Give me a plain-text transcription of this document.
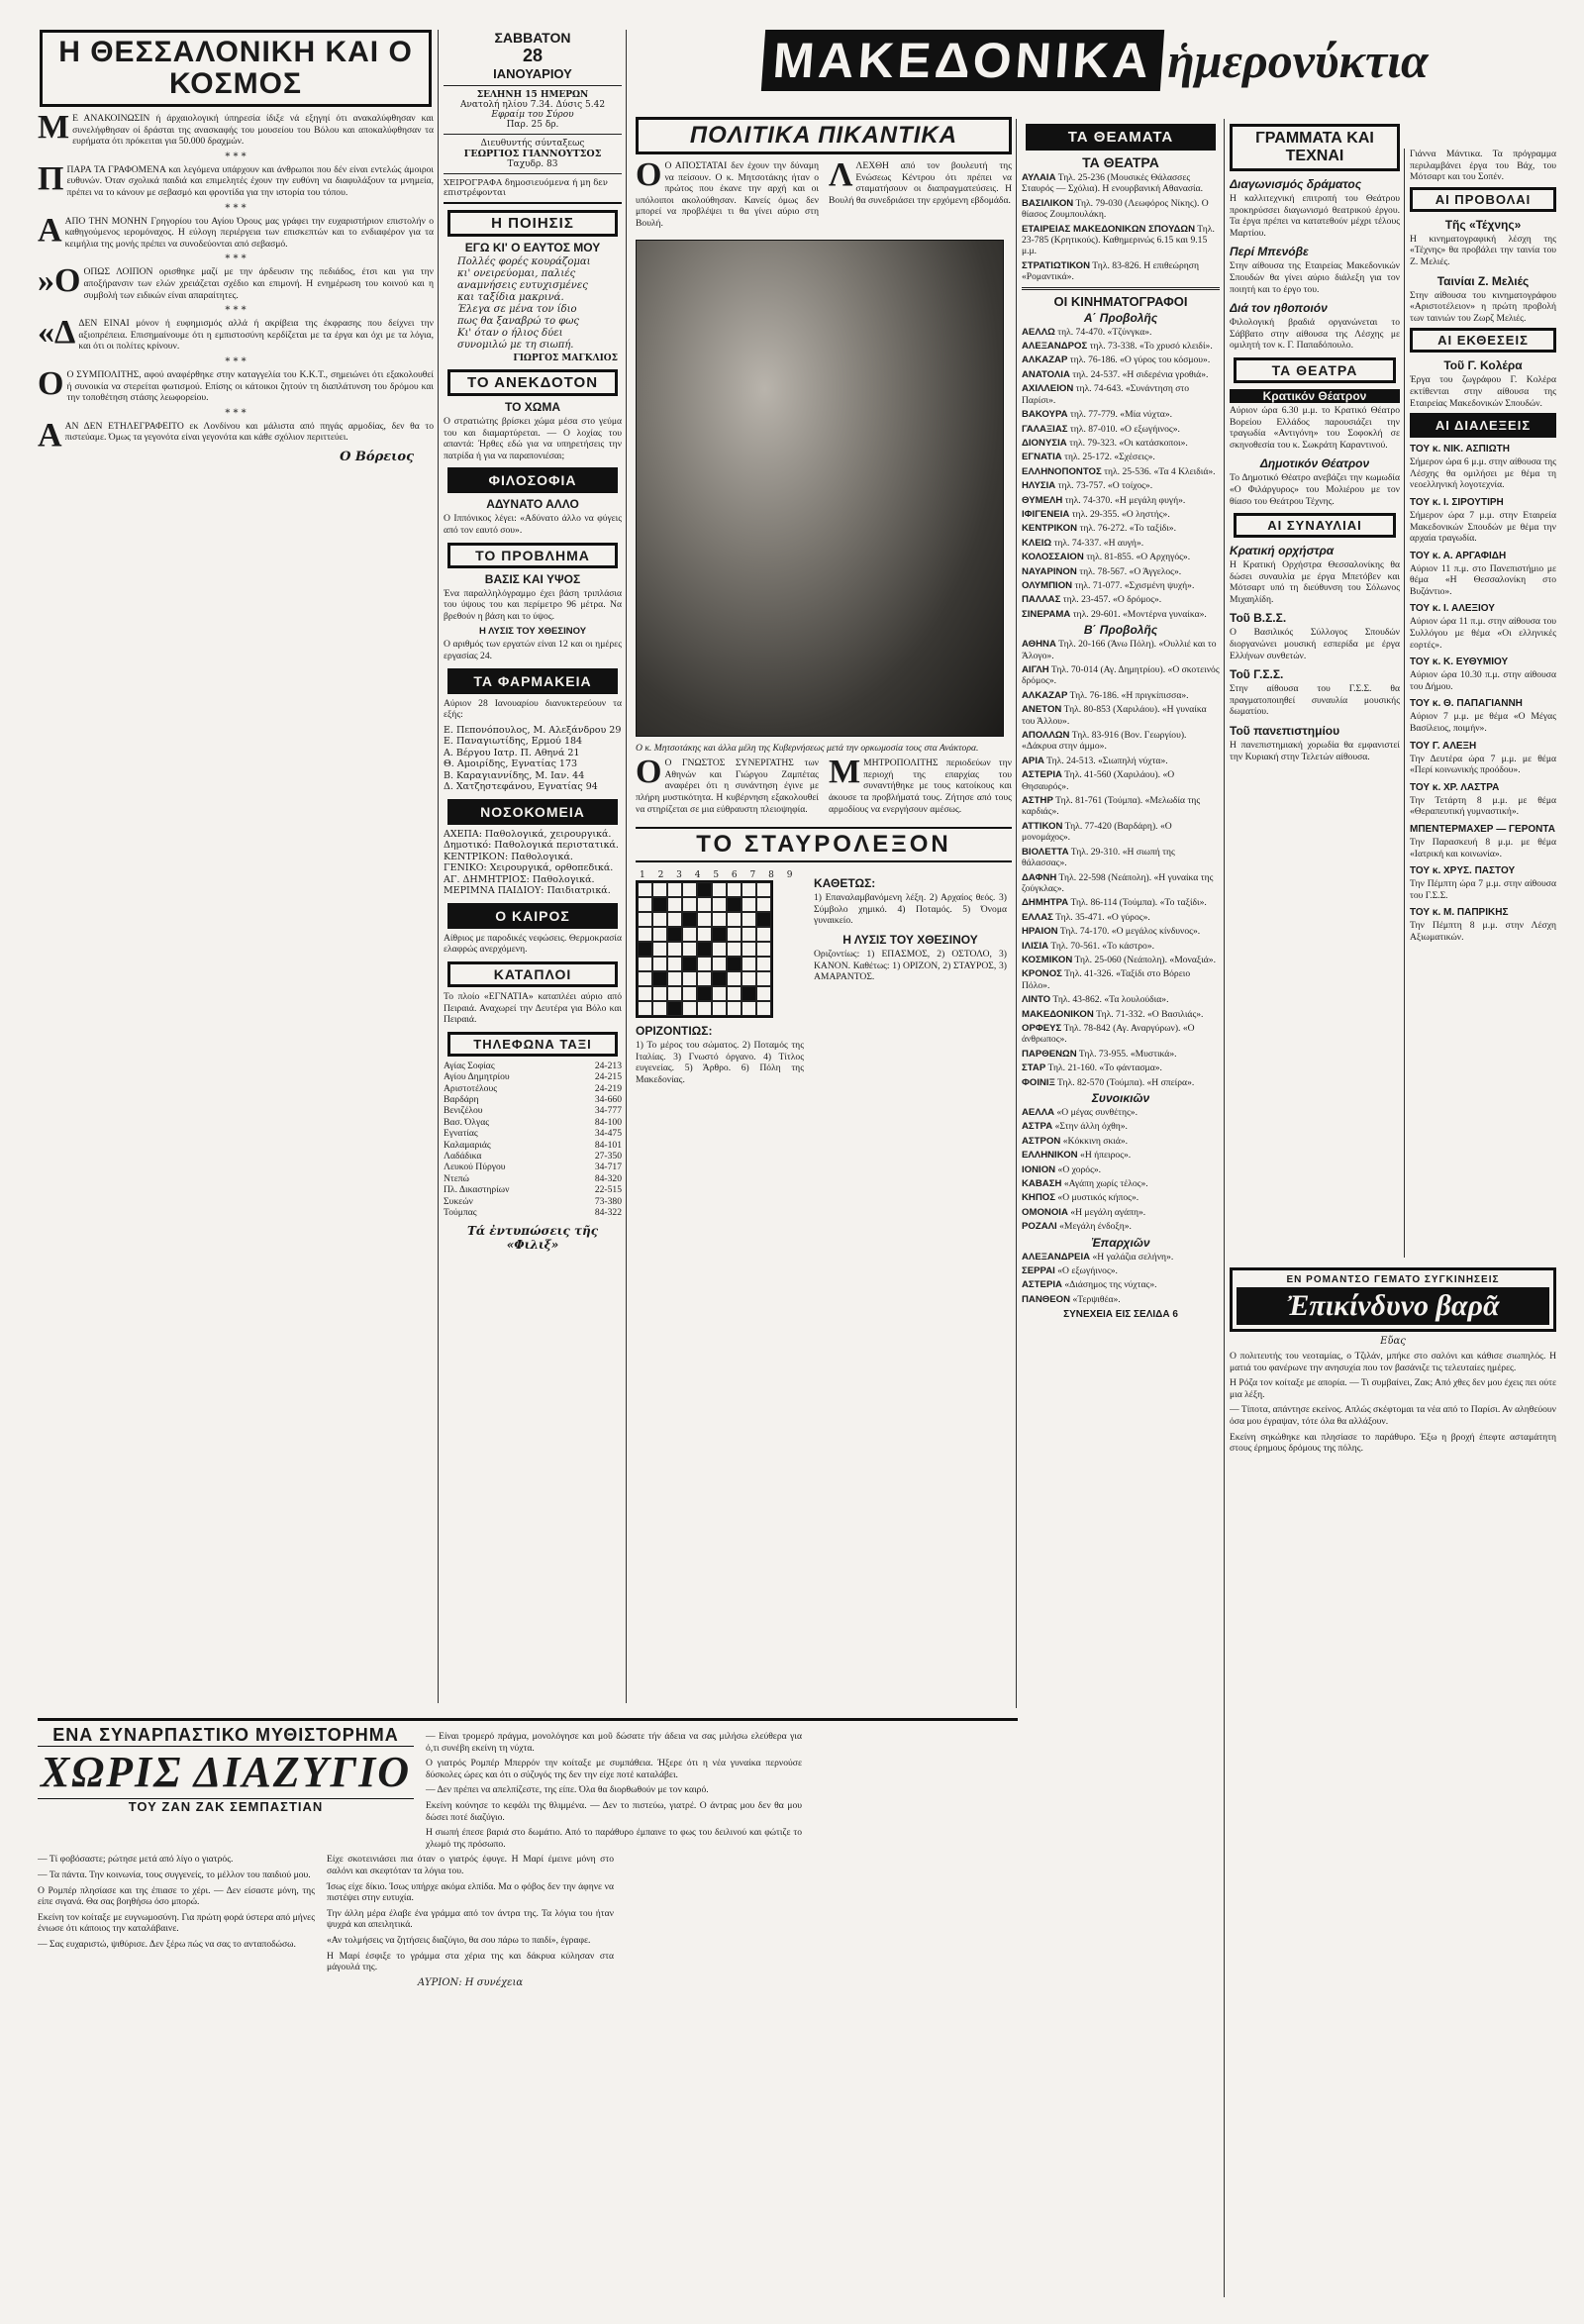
Η ΘΕΣΣΑΛΟΝΙΚΗ ΚΑΙ Ο ΚΟΣΜΟΣ

Μ Ε ΑΝΑΚΟΙΝΩΣΙΝ ή άρχαιολογική ύπηρεσία ίδιξε νά εξηγηί ότι ανακαλύφθησαν και συνελήφθησαν οί δράσται της ανασκαφής του μουσείου του Βόλου και αποκαλύφθησαν τα ευρήματα ότι πρόκειται για 50.000 δραχμών.

* * *

ΠΠΑΡΑ ΤΑ ΓΡΑΦΟΜΕΝΑ και λεγόμενα υπάρχουν και άνθρωποι που δέν είναι εντελώς άμοιροι ευθυνών. Όταν σχολικά παιδιά και επιμελητές έχουν την ευθύνη να διαφυλάξουν τα μνημεία, πρέπει να το κάνουν με σεβασμό και φροντίδα για την ιστορία του τόπου.

* * *

ΑΑΠΟ ΤΗΝ ΜΟΝΗΝ Γρηγορίου του Αγίου Όρους μας γράφει την ευχαριστήριον επιστολήν ο καθηγούμενος ιερομόναχος. Η εύλογη περιέργεια των επισκεπτών και το ενδιαφέρον για τα κειμήλια της μονής πρέπει να συνοδεύονται από σεβασμό.

* * *

»Ο ΟΠΩΣ ΛΟΙΠΟΝ ορισθηκε μαζί με την άρδευσιν της πεδιάδος, έτσι και για την αποξήρανσιν των ελών χρειάζεται σχέδιο και επιμονή. Η ενημέρωση του κοινού και η συμβολή των ειδικών είναι απαραίτητες.

* * *

«ΔΔΕΝ ΕΙΝΑΙ μόνον ή ευφημισμός αλλά ή ακρίβεια της έκφρασης που δείχνει την αξιοπρέπεια. Επισημαίνουμε ότι η εμπιστοσύνη κερδίζεται με τα έργα και όχι με τα λόγια, και ότι οι πολίτες κρίνουν.

* * *

Ο Ο ΣΥΜΠΟΛΙΤΗΣ, αφού αναφέρθηκε στην καταγγελία του Κ.Κ.Τ., σημειώνει ότι εξακολουθεί ή συνοικία να στερείται φωτισμού. Επίσης οι κάτοικοι ζητούν τη διαπλάτυνση του δρόμου και την τοποθέτηση στάσης λεωφορείου.

* * *

ΑΑΝ ΔΕΝ ΕΤΗΛΕΓΡΑΦΕΙΤΟ εκ Λονδίνου και μάλιστα από πηγάς αρμοδίας, δεν θα το πιστεύαμε. Όμως τα γεγονότα είναι γεγονότα και κάθε σχόλιον περιττεύει.

Ο Βόρειος
ΣΑΒΒΑΤΟΝ
28
ΙΑΝΟΥΑΡΙΟΥ
ΣΕΛΗΝΗ 15 ΗΜΕΡΩΝ
Ανατολή ηλίου 7.34. Δύσις 5.42
Εφραίμ του Σύρου
Παρ. 25 δρ.
Διευθυντής σύνταξεως
ΓΕΩΡΓΙΟΣ ΓΙΑΝΝΟΥΤΣΟΣ
Ταχυδρ. 83
ΧΕΙΡΟΓΡΑΦΑ δημοσιευόμενα ή μη δεν επιστρέφονται
Η ΠΟΙΗΣΙΣ
ΕΓΩ ΚΙ' Ο ΕΑΥΤΟΣ ΜΟΥ
Πολλές φορές κουράζομαι
κι' ονειρεύομαι, παλιές
αναμνήσεις ευτυχισμένες
και ταξίδια μακρινά.
Έλεγα σε μένα τον ίδιο
πως θα ξαναβρώ το φως
Κι' όταν ο ήλιος δύει
συνομιλώ με τη σιωπή.
ΓΙΩΡΓΟΣ ΜΑΓΚΛΙΟΣ
ΤΟ ΑΝΕΚΔΟΤΟΝ
ΤΟ ΧΩΜΑ

Ο στρατιώτης βρίσκει χώμα μέσα στο γεύμα του και διαμαρτύρεται. — Ο λοχίας του απαντά: Ήρθες εδώ για να υπηρετήσεις την πατρίδα ή για να παραπονιέσαι;

ΦΙΛΟΣΟΦΙΑ
ΑΔΥΝΑΤΟ ΑΛΛΟ

Ο Ιππόνικος λέγει: «Αδύνατο άλλο να φύγεις από τον εαυτό σου».

ΤΟ ΠΡΟΒΛΗΜΑ
ΒΑΣΙΣ ΚΑΙ ΥΨΟΣ

Ένα παραλληλόγραμμο έχει βάση τριπλάσια του ύψους του και περίμετρο 96 μέτρα. Να βρεθούν η βάση και το ύψος.

Η ΛΥΣΙΣ ΤΟΥ ΧΘΕΣΙΝΟΥ

Ο αριθμός των εργατών είναι 12 και οι ημέρες εργασίας 24.

ΤΑ ΦΑΡΜΑΚΕΙΑ

Αύριον 28 Ιανουαρίου διανυκτερεύουν τα εξής:

Ε. Πεπονόπουλος, Μ. Αλεξάνδρου 29
Ε. Παναγιωτίδης, Ερμού 184
Α. Βέργου Ιατρ. Π. Αθηνά 21
Θ. Αμοιρίδης, Εγνατίας 173
Β. Καραγιαννίδης, Μ. Ιαν. 44
Δ. Χατζηστεφάνου, Εγνατίας 94
ΝΟΣΟΚΟΜΕΙΑ
ΑΧΕΠΑ: Παθολογικά, χειρουργικά.
Δημοτικό: Παθολογικά περιστατικά.
ΚΕΝΤΡΙΚΟΝ: Παθολογικά.
ΓΕΝΙΚΟ: Χειρουργικά, ορθοπεδικά.
ΑΓ. ΔΗΜΗΤΡΙΟΣ: Παθολογικά.
ΜΕΡΙΜΝΑ ΠΑΙΔΙΟΥ: Παιδιατρικά.
Ο ΚΑΙΡΟΣ

Αίθριος με παροδικές νεφώσεις. Θερμοκρασία ελαφρώς ανερχόμενη.

ΚΑΤΑΠΛΟΙ

Το πλοίο «ΕΓΝΑΤΙΑ» καταπλέει αύριο από Πειραιά. Αναχωρεί την Δευτέρα για Βόλο και Πειραιά.

ΤΗΛΕΦΩΝΑ ΤΑΞΙ
Αγίας Σοφίας	24-213
Αγίου Δημητρίου	24-215
Αριστοτέλους	24-219
Βαρδάρη	34-660
Βενιζέλου	34-777
Βασ. Όλγας	84-100
Εγνατίας	34-475
Καλαμαριάς	84-101
Λαδάδικα	27-350
Λευκού Πύργου	34-717
Ντεπώ	84-320
Πλ. Δικαστηρίων	22-515
Συκεών	73-380
Τούμπας	84-322
Τά ἐντυπώσεις τῆς «Φιλιξ»
ΜΑΚΕΔΟΝΙΚΑ ἡμερονύκτια
ΠΟΛΙΤΙΚΑ ΠΙΚΑΝΤΙΚΑ

Ο Ο ΑΠΟΣΤΑΤΑΙ δεν έχουν την δύναμη να πείσουν. Ο κ. Μητσοτάκης ήταν ο πρώτος που έκανε την αρχή και οι υπόλοιποι ακολούθησαν. Κανείς όμως δεν μπορεί να προβλέψει τι θα γίνει αύριο στη Βουλή.

ΛΛΕΧΘΗ από τον βουλευτή της Ενώσεως Κέντρου ότι πρέπει να σταματήσουν οι διαπραγματεύσεις. Η Βουλή θα συνεδριάσει την ερχόμενη εβδομάδα.

Ο κ. Μητσοτάκης και άλλα μέλη της Κυβερνήσεως μετά την ορκωμοσία τους στα Ανάκτορα.

Ο Ο ΓΝΩΣΤΟΣ ΣΥΝΕΡΓΑΤΗΣ των Αθηνών και Γιώργου Ζαμπέτας αναφέρει ότι η συνάντηση έγινε με πλήρη μυστικότητα. Η κυβέρνηση εξακολουθεί να στηρίζεται σε μια εύθραυστη πλειοψηφία.

ΜΜΗΤΡΟΠΟΛΙΤΗΣ περιοδεύων την περιοχή της επαρχίας του συναντήθηκε με τους κατοίκους και άκουσε τα προβλήματά τους. Ζήτησε από τους αρμοδίους να ενεργήσουν αμέσως.

ΤΟ ΣΤΑΥΡΟΛΕΞΟΝ
1 2 3 4 5 6 7 8 9
ΟΡΙΖΟΝΤΙΩΣ:

1) Το μέρος του σώματος. 2) Ποταμός της Ιταλίας. 3) Γνωστό όργανο. 4) Τίτλος ευγενείας. 5) Άρθρο. 6) Πόλη της Μακεδονίας.

ΚΑΘΕΤΩΣ:

1) Επαναλαμβανόμενη λέξη. 2) Αρχαίος θεός. 3) Σύμβολο χημικό. 4) Ποταμός. 5) Όνομα γυναικείο.

Η ΛΥΣΙΣ ΤΟΥ ΧΘΕΣΙΝΟΥ

Οριζοντίως: 1) ΕΠΑΣΜΟΣ, 2) ΟΣΤΟΛΟ, 3) ΚΑΝΟΝ. Καθέτως: 1) ΟΡΙΖΟΝ, 2) ΣΤΑΥΡΟΣ, 3) ΑΜΑΡΑΝΤΟΣ.

ΤΑ ΘΕΑΜΑΤΑ
ΤΑ ΘΕΑΤΡΑ
ΑΥΛΑΙΑ Τηλ. 25-236 (Μουσικές Θάλασσες Σταυρός — Σχόλια). Η ενουρβανική Αθανασία.
ΒΑΣΙΛΙΚΟΝ Τηλ. 79-030 (Λεωφόρος Νίκης). Ο θίασος Ζουμπουλάκη.
ΕΤΑΙΡΕΙΑΣ ΜΑΚΕΔΟΝΙΚΩΝ ΣΠΟΥΔΩΝ Τηλ. 23-785 (Κρητικούς). Καθημερινώς 6.15 και 9.15 μ.μ.
ΣΤΡΑΤΙΩΤΙΚΟΝ Τηλ. 83-826. Η επιθεώρηση «Ρομαντικά».
ΟΙ ΚΙΝΗΜΑΤΟΓΡΑΦΟΙ
Α΄ Προβολῆς
ΑΕΛΛΩ τηλ. 74-470. «Τζύνγκα».
ΑΛΕΞΑΝΔΡΟΣ τηλ. 73-338. «Το χρυσό κλειδί».
ΑΛΚΑΖΑΡ τηλ. 76-186. «Ο γύρος του κόσμου».
ΑΝΑΤΟΛΙΑ τηλ. 24-537. «Η σιδερένια γροθιά».
ΑΧΙΛΛΕΙΟΝ τηλ. 74-643. «Συνάντηση στο Παρίσι».
ΒΑΚΟΥΡΑ τηλ. 77-779. «Μία νύχτα».
ΓΑΛΑΞΙΑΣ τηλ. 87-010. «Ο εξωγήινος».
ΔΙΟΝΥΣΙΑ τηλ. 79-323. «Οι κατάσκοποι».
ΕΓΝΑΤΙΑ τηλ. 25-172. «Σχέσεις».
ΕΛΛΗΝΟΠΟΝΤΟΣ τηλ. 25-536. «Τα 4 Κλειδιά».
ΗΛΥΣΙΑ τηλ. 73-757. «Ο τοίχος».
ΘΥΜΕΛΗ τηλ. 74-370. «Η μεγάλη φυγή».
ΙΦΙΓΕΝΕΙΑ τηλ. 29-355. «Ο ληστής».
ΚΕΝΤΡΙΚΟΝ τηλ. 76-272. «Το ταξίδι».
ΚΛΕΙΩ τηλ. 74-337. «Η αυγή».
ΚΟΛΟΣΣΑΙΟΝ τηλ. 81-855. «Ο Αρχηγός».
ΝΑΥΑΡΙΝΟΝ τηλ. 78-567. «Ο Άγγελος».
ΟΛΥΜΠΙΟΝ τηλ. 71-077. «Σχισμένη ψυχή».
ΠΑΛΛΑΣ τηλ. 23-457. «Ο δρόμος».
ΣΙΝΕΡΑΜΑ τηλ. 29-601. «Μοντέρνα γυναίκα».
Β΄ Προβολῆς
ΑΘΗΝΑ Τηλ. 20-166 (Άνω Πόλη). «Ουλλιέ και το Άλογο».
ΑΙΓΛΗ Τηλ. 70-014 (Αγ. Δημητρίου). «Ο σκοτεινός δρόμος».
ΑΛΚΑΖΑΡ Τηλ. 76-186. «Η πριγκίπισσα».
ΑΝΕΤΟΝ Τηλ. 80-853 (Χαριλάου). «Η γυναίκα του Άλλου».
ΑΠΟΛΛΩΝ Τηλ. 83-916 (Βον. Γεωργίου). «Δάκρυα στην άμμο».
ΑΡΙΑ Τηλ. 24-513. «Σιωπηλή νύχτα».
ΑΣΤΕΡΙΑ Τηλ. 41-560 (Χαριλάου). «Ο Θησαυρός».
ΑΣΤΗΡ Τηλ. 81-761 (Τούμπα). «Μελωδία της καρδιάς».
ΑΤΤΙΚΟΝ Τηλ. 77-420 (Βαρδάρη). «Ο μονομάχος».
ΒΙΟΛΕΤΤΑ Τηλ. 29-310. «Η σιωπή της θάλασσας».
ΔΑΦΝΗ Τηλ. 22-598 (Νεάπολη). «Η γυναίκα της ζούγκλας».
ΔΗΜΗΤΡΑ Τηλ. 86-114 (Τούμπα). «Το ταξίδι».
ΕΛΛΑΣ Τηλ. 35-471. «Ο γύρος».
ΗΡΑΙΟΝ Τηλ. 74-170. «Ο μεγάλος κίνδυνος».
ΙΛΙΣΙΑ Τηλ. 70-561. «Το κάστρο».
ΚΟΣΜΙΚΟΝ Τηλ. 25-060 (Νεάπολη). «Μοναξιά».
ΚΡΟΝΟΣ Τηλ. 41-326. «Ταξίδι στο Βόρειο Πόλο».
ΛΙΝΤΟ Τηλ. 43-862. «Τα λουλούδια».
ΜΑΚΕΔΟΝΙΚΟΝ Τηλ. 71-332. «Ο Βασιλιάς».
ΟΡΦΕΥΣ Τηλ. 78-842 (Αγ. Αναργύρων). «Ο άνθρωπος».
ΠΑΡΘΕΝΩΝ Τηλ. 73-955. «Μυστικά».
ΣΤΑΡ Τηλ. 21-160. «Το φάντασμα».
ΦΟΙΝΙΞ Τηλ. 82-570 (Τούμπα). «Η σπείρα».
Συνοικιῶν
ΑΕΛΛΑ «Ο μέγας συνθέτης».
ΑΣΤΡΑ «Στην άλλη όχθη».
ΑΣΤΡΟΝ «Κόκκινη σκιά».
ΕΛΛΗΝΙΚΟΝ «Η ήπειρος».
ΙΟΝΙΟΝ «Ο χορός».
ΚΑΒΑΣΗ «Αγάπη χωρίς τέλος».
ΚΗΠΟΣ «Ο μυστικός κήπος».
ΟΜΟΝΟΙΑ «Η μεγάλη αγάπη».
ΡΟΖΑΛΙ «Μεγάλη ένδοξη».
Ἐπαρχιῶν
ΑΛΕΞΑΝΔΡΕΙΑ «Η γαλάζια σελήνη».
ΣΕΡΡΑΙ «Ο εξωγήινος».
ΑΣΤΕΡΙΑ «Διάσημος της νύχτας».
ΠΑΝΘΕΟΝ «Τερψιθέα».
ΣΥΝΕΧΕΙΑ ΕΙΣ ΣΕΛΙΔΑ 6
ΓΡΑΜΜΑΤΑ ΚΑΙ ΤΕΧΝΑΙ
Διαγωνισμός δράματος

Η καλλιτεχνική επιτροπή του Θεάτρου προκηρύσσει διαγωνισμό θεατρικού έργου. Τα έργα πρέπει να κατατεθούν μέχρι τέλους Μαρτίου.

Περί Μπενόβε

Στην αίθουσα της Εταιρείας Μακεδονικών Σπουδών θα γίνει αύριο διάλεξη για τον ποιητή και το έργο του.

Διά τον ηθοποιόν

Φιλολογική βραδιά οργανώνεται το Σάββατο στην αίθουσα της Λέσχης με ομιλητή τον κ. Γ. Παπαδόπουλο.

ΤΑ ΘΕΑΤΡΑ
Κρατικόν Θέατρον

Αύριον ώρα 6.30 μ.μ. το Κρατικό Θέατρο Βορείου Ελλάδος παρουσιάζει την τραγωδία «Αντιγόνη» του Σοφοκλή σε σκηνοθεσία του κ. Σωκράτη Καραντινού.

Δημοτικόν Θέατρον

Το Δημοτικό Θέατρο ανεβάζει την κωμωδία «Ο Φιλάργυρος» του Μολιέρου με τον θίασο του Θεάτρου Τέχνης.

ΑΙ ΣΥΝΑΥΛΙΑΙ
Κρατική ορχήστρα

Η Κρατική Ορχήστρα Θεσσαλονίκης θα δώσει συναυλία με έργα Μπετόβεν και Μότσαρτ υπό τη διεύθυνση του Σόλωνος Μιχαηλίδη.

Τοῦ Β.Σ.Σ.

Ο Βασιλικός Σύλλογος Σπουδών διοργανώνει μουσική εσπερίδα με έργα Ελλήνων συνθετών.

Τοῦ Γ.Σ.Σ.

Στην αίθουσα του Γ.Σ.Σ. θα πραγματοποιηθεί συναυλία μουσικής δωματίου.

Τοῦ πανεπιστημίου

Η πανεπιστημιακή χορωδία θα εμφανιστεί την Κυριακή στην Τελετών αίθουσα.

Γιάννα Μάντικα. Τα πρόγραμμα περιλαμβάνει έργα του Βάχ, του Μότσαρτ και του Σοπέν.

ΑΙ ΠΡΟΒΟΛΑΙ
Τῆς «Τέχνης»

Η κινηματογραφική λέσχη της «Τέχνης» θα προβάλει την ταινία του Ζ. Μελιές.

Ταινίαι Ζ. Μελιές

Στην αίθουσα του κινηματογράφου «Αριστοτέλειον» η πρώτη προβολή των ταινιών του Ζωρζ Μελιές.

ΑΙ ΕΚΘΕΣΕΙΣ
Τοῦ Γ. Κολέρα

Έργα του ζωγράφου Γ. Κολέρα εκτίθενται στην αίθουσα της Εταιρείας Μακεδονικών Σπουδών.

ΑΙ ΔΙΑΛΕΞΕΙΣ
ΤΟΥ κ. ΝΙΚ. ΑΣΠΙΩΤΗ

Σήμερον ώρα 6 μ.μ. στην αίθουσα της Λέσχης θα ομιλήσει με θέμα τη νεοελληνική λογοτεχνία.

ΤΟΥ κ. Ι. ΣΙΡΟΥΤΙΡΗ

Σήμερον ώρα 7 μ.μ. στην Εταιρεία Μακεδονικών Σπουδών με θέμα την αρχαία τραγωδία.

ΤΟΥ κ. Α. ΑΡΓΑΦΙΔΗ

Αύριον 11 π.μ. στο Πανεπιστήμιο με θέμα «Η Θεσσαλονίκη στο Βυζάντιο».

ΤΟΥ κ. Ι. ΑΛΕΞΙΟΥ

Αύριον ώρα 11 π.μ. στην αίθουσα του Συλλόγου με θέμα «Οι ελληνικές εορτές».

ΤΟΥ κ. Κ. ΕΥΘΥΜΙΟΥ

Αύριον ώρα 10.30 π.μ. στην αίθουσα του Δήμου.

ΤΟΥ κ. Θ. ΠΑΠΑΓΙΑΝΝΗ

Αύριον 7 μ.μ. με θέμα «Ο Μέγας Βασίλειος, ποιμήν».

ΤΟΥ Γ. ΑΛΕΞΗ

Την Δευτέρα ώρα 7 μ.μ. με θέμα «Περί κοινωνικής προόδου».

ΤΟΥ κ. ΧΡ. ΛΑΣΤΡΑ

Την Τετάρτη 8 μ.μ. με θέμα «Θεραπευτική γυμναστική».

ΜΠΕΝΤΕΡΜΑΧΕΡ — ΓΕΡΟΝΤΑ

Την Παρασκευή 8 μ.μ. με θέμα «Ιατρική και κοινωνία».

ΤΟΥ κ. ΧΡΥΣ. ΠΑΣΤΟΥ

Την Πέμπτη ώρα 7 μ.μ. στην αίθουσα του Γ.Σ.Σ.

ΤΟΥ κ. Μ. ΠΑΠΡΙΚΗΣ

Την Πέμπτη 8 μ.μ. στην Λέσχη Αξιωματικών.

ΕΝ ΡΟΜΑΝΤΣΟ ΓΕΜΑΤΟ ΣΥΓΚΙΝΗΣΕΙΣ
Ἐπικίνδυνο βαρᾶ
Εὔας

Ο πολιτευτής του νεοταμίας, ο Τζιλάν, μπήκε στο σαλόνι και κάθισε σιωπηλός. Η ματιά του φανέρωνε την ανησυχία που τον βασάνιζε τις τελευταίες ημέρες.

Η Ρόζα τον κοίταξε με απορία. — Τι συμβαίνει, Ζακ; Από χθες δεν μου έχεις πει ούτε μια λέξη.

— Τίποτα, απάντησε εκείνος. Απλώς σκέφτομαι τα νέα από το Παρίσι. Αν αληθεύουν όσα μου έγραψαν, τότε όλα θα αλλάξουν.

Εκείνη σηκώθηκε και πλησίασε το παράθυρο. Έξω η βροχή έπεφτε ασταμάτητη στους έρημους δρόμους της πόλης.

ΕΝΑ ΣΥΝΑΡΠΑΣΤΙΚΟ ΜΥΘΙΣΤΟΡΗΜΑ
ΧΩΡΙΣ ΔΙΑΖΥΓΙΟ
ΤΟΥ ΖΑΝ ΖΑΚ ΣΕΜΠΑΣΤΙΑΝ

— Είναι τρομερό πράγμα, μονολόγησε και μοῦ δώσατε τήν άδεια να σας μιλήσω ελεύθερα για ό,τι συνέβη εκείνη τη νύχτα.

Ο γιατρός Ρομπέρ Μπερρόν την κοίταξε με συμπάθεια. Ήξερε ότι η νέα γυναίκα περνούσε δύσκολες ώρες και ότι ο σύζυγός της δεν την είχε ποτέ καταλάβει.

— Δεν πρέπει να απελπίζεστε, της είπε. Όλα θα διορθωθούν με τον καιρό.

Εκείνη κούνησε το κεφάλι της θλιμμένα. — Δεν το πιστεύω, γιατρέ. Ο άντρας μου δεν θα μου δώσει ποτέ διαζύγιο.

Η σιωπή έπεσε βαριά στο δωμάτιο. Από το παράθυρο έμπαινε το φως του δειλινού και φώτιζε το χλωμό της πρόσωπο.

— Τί φοβόσαστε; ρώτησε μετά από λίγο ο γιατρός.

— Τα πάντα. Την κοινωνία, τους συγγενείς, το μέλλον του παιδιού μου.

Ο Ρομπέρ πλησίασε και της έπιασε το χέρι. — Δεν είσαστε μόνη, της είπε σιγανά. Θα σας βοηθήσω όσο μπορώ.

Εκείνη τον κοίταξε με ευγνωμοσύνη. Για πρώτη φορά ύστερα από μήνες ένιωσε ότι κάποιος την καταλάβαινε.

— Σας ευχαριστώ, ψιθύρισε. Δεν ξέρω πώς να σας το ανταποδώσω.

Είχε σκοτεινιάσει πια όταν ο γιατρός έφυγε. Η Μαρί έμεινε μόνη στο σαλόνι και σκεφτόταν τα λόγια του.

Ίσως είχε δίκιο. Ίσως υπήρχε ακόμα ελπίδα. Μα ο φόβος δεν την άφηνε να πιστέψει στην ευτυχία.

Την άλλη μέρα έλαβε ένα γράμμα από τον άντρα της. Τα λόγια του ήταν ψυχρά και απειλητικά.

«Αν τολμήσεις να ζητήσεις διαζύγιο, θα σου πάρω το παιδί», έγραφε.

Η Μαρί έσφιξε το γράμμα στα χέρια της και δάκρυα κύλησαν στα μάγουλά της.

ΑΥΡΙΟΝ: Η συνέχεια
